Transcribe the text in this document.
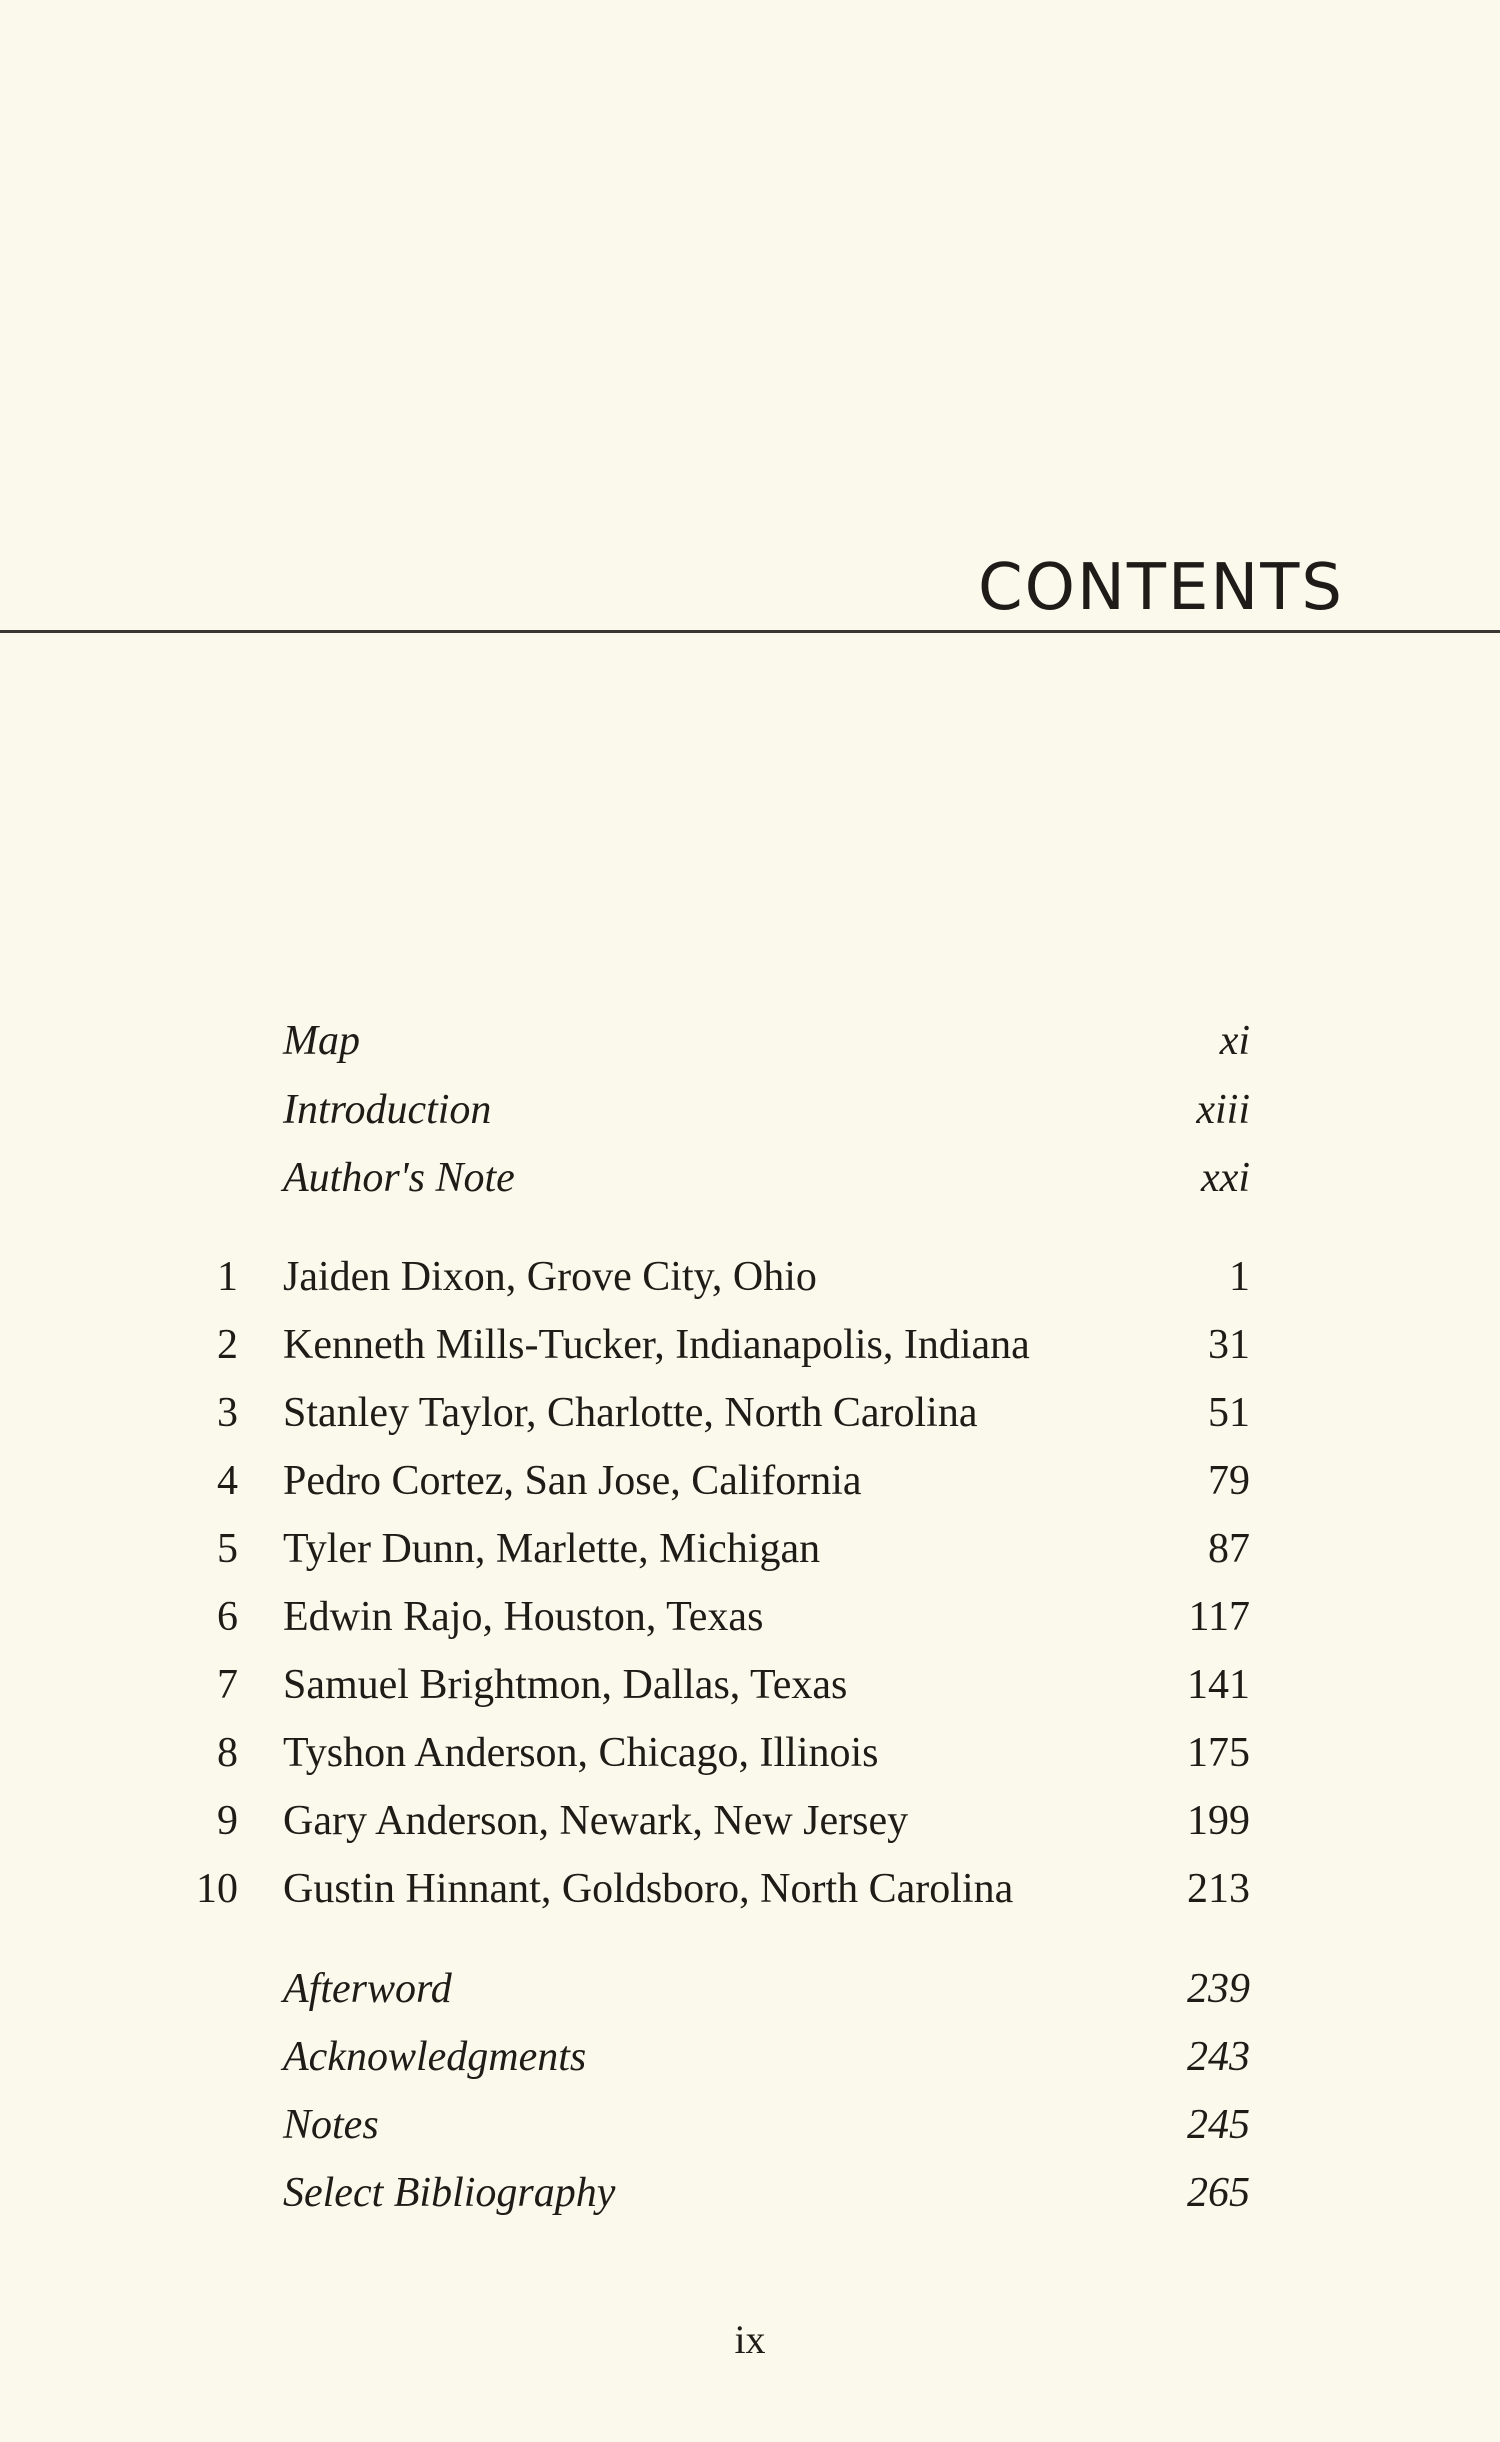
CONTENTS
Map	xi
Introduction	xiii
Author's Note	xxi
1 Jaiden Dixon, Grove City, Ohio	1
2 Kenneth Mills-Tucker, Indianapolis, Indiana	31
3 Stanley Taylor, Charlotte, North Carolina	51
4 Pedro Cortez, San Jose, California	79
5 Tyler Dunn, Marlette, Michigan	87
6 Edwin Rajo, Houston, Texas	117
7 Samuel Brightmon, Dallas, Texas	141
8 Tyshon Anderson, Chicago, Illinois	175
9 Gary Anderson, Newark, New Jersey	199
10 Gustin Hinnant, Goldsboro, North Carolina	213
Afterword	239
Acknowledgments	243
Notes	245
Select Bibliography	265
ix
